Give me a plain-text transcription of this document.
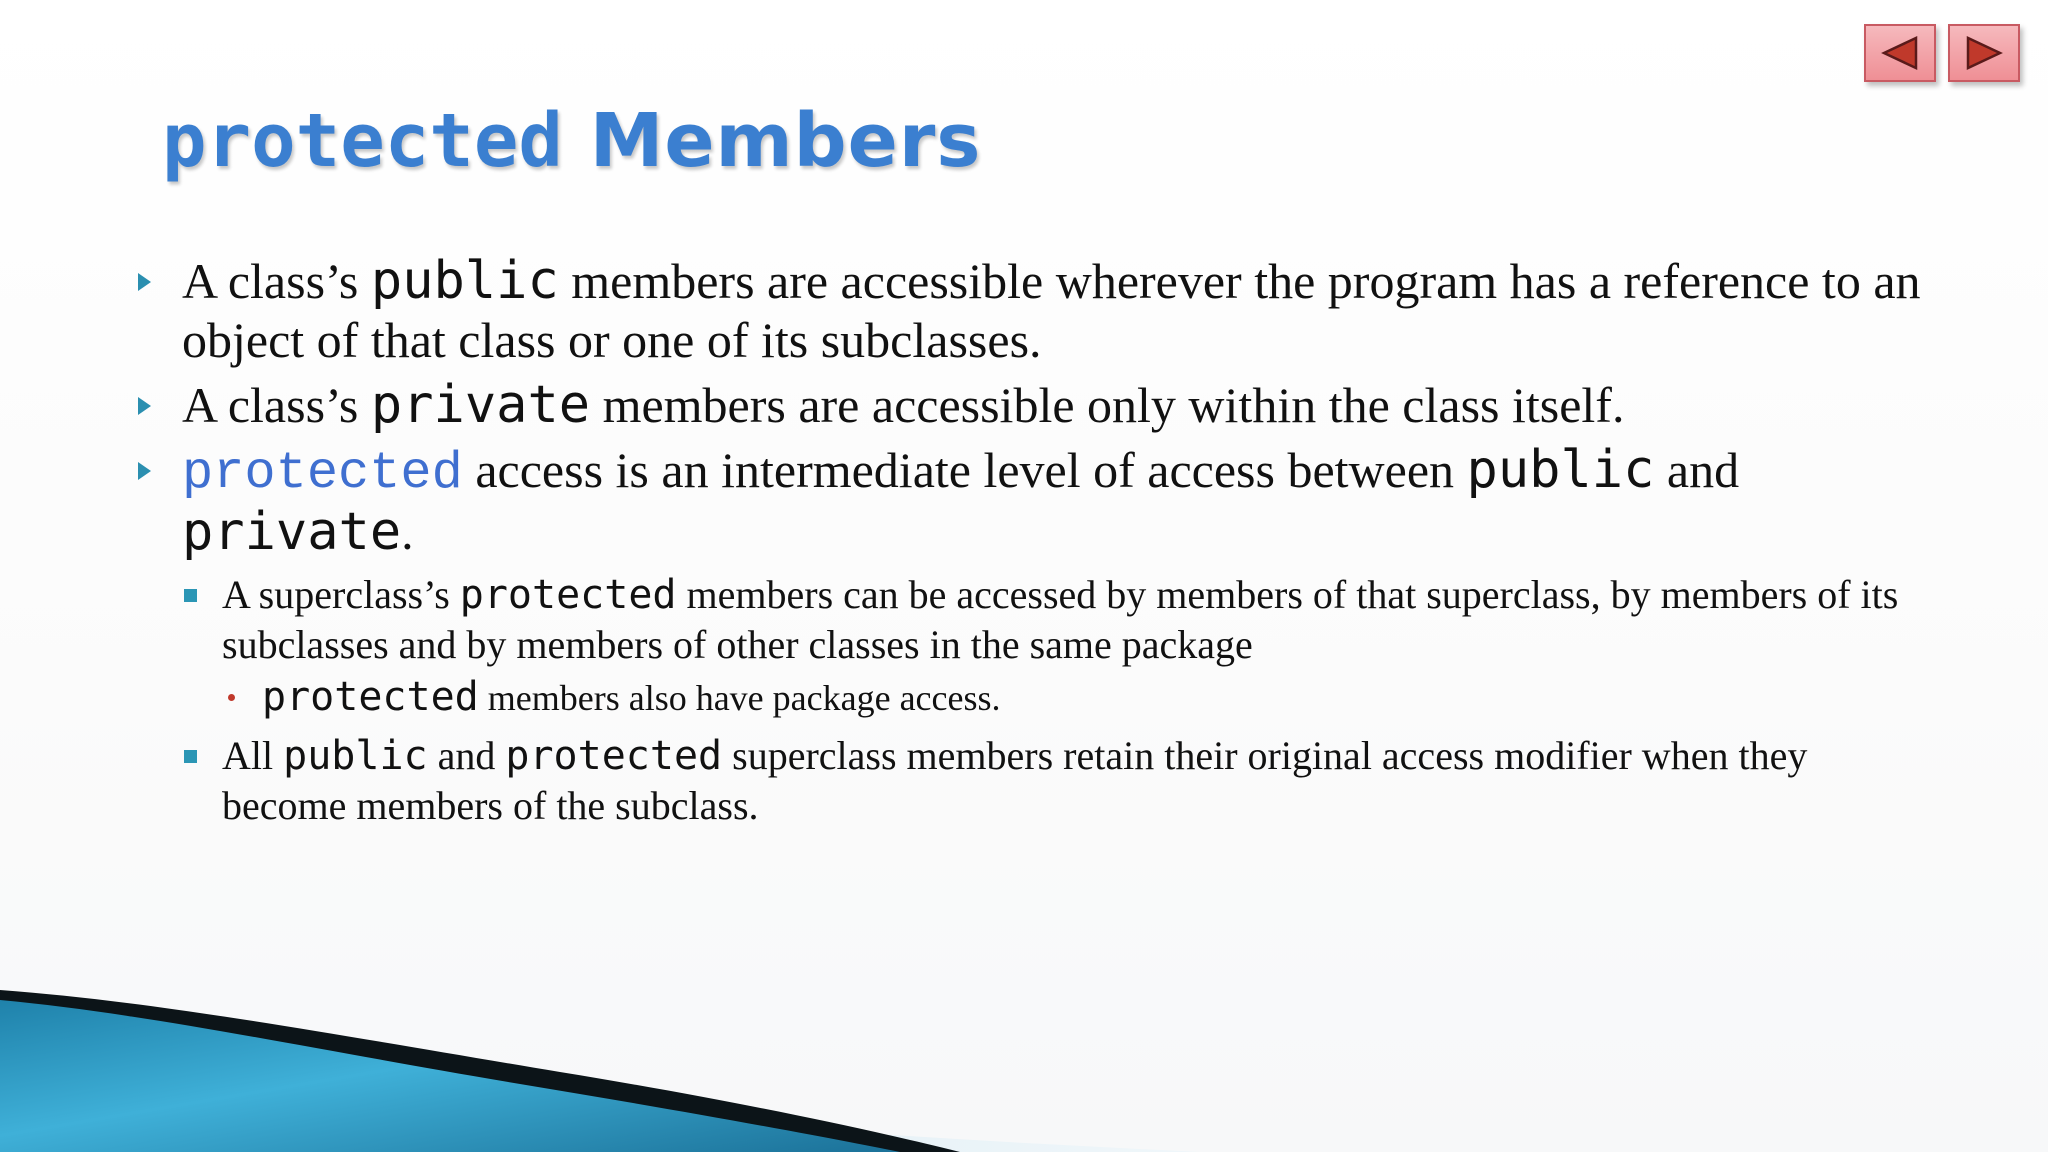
protected Members
A class’s public members are accessible wherever the program has a reference to an object of that class or one of its subclasses.
A class’s private members are accessible only within the class itself.
protected access is an intermediate level of access between public and private.
A superclass’s protected members can be accessed by members of that superclass, by members of its subclasses and by members of other classes in the same package
protected members also have package access.
All public and protected superclass members retain their original access modifier when they become members of the subclass.
